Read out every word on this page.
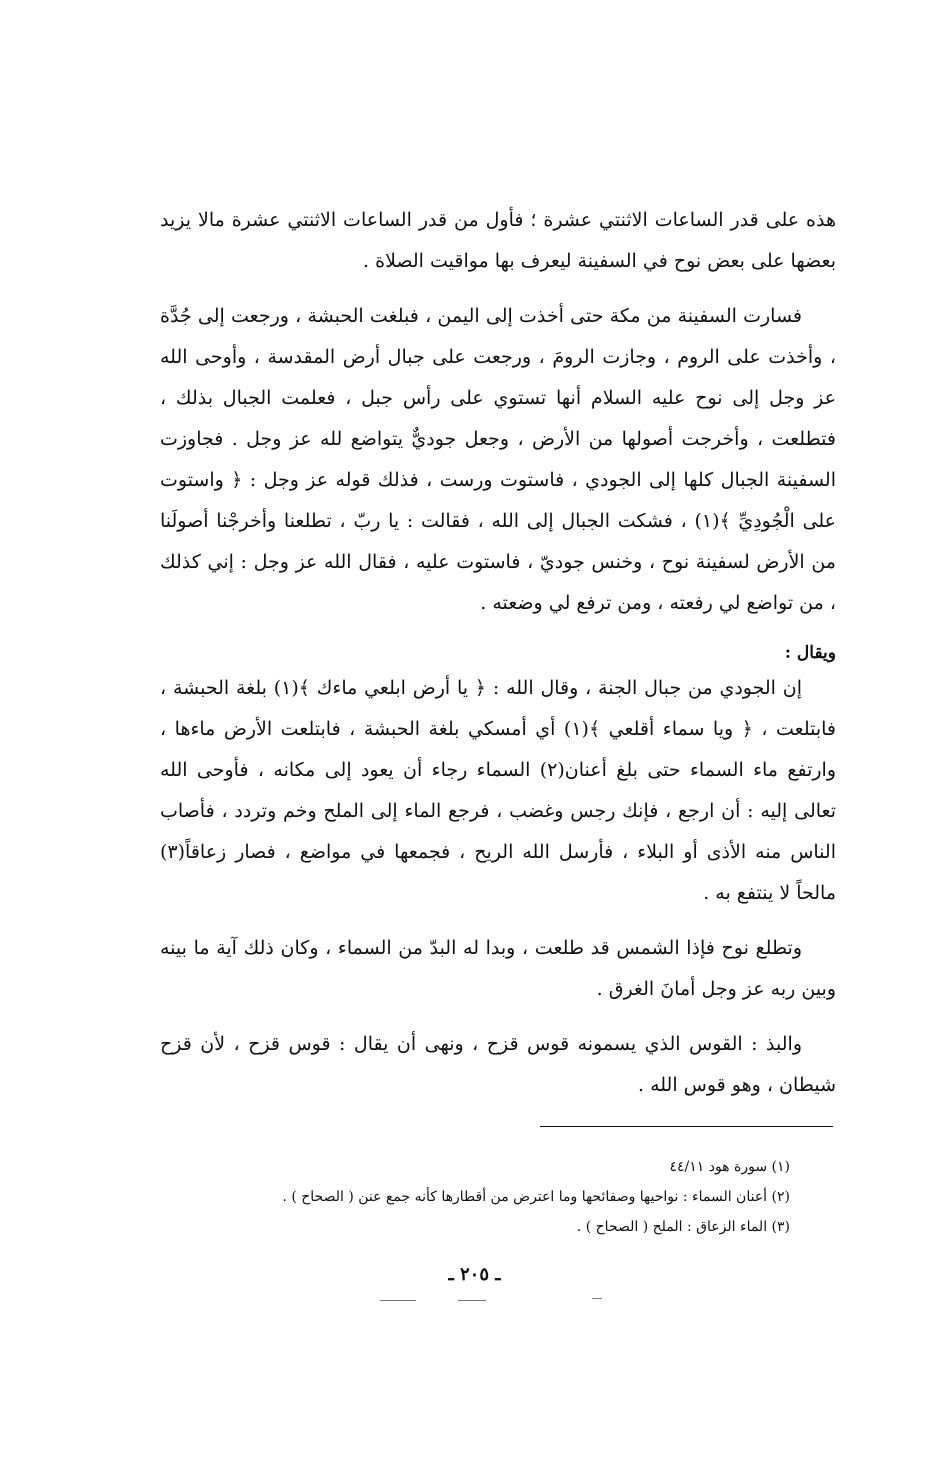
هذه على قدر الساعات الاثنتي عشرة ؛ فأول من قدر الساعات الاثنتي عشرة مالا يزيد بعضها على بعض نوح في السفينة ليعرف بها مواقيت الصلاة .

فسارت السفينة من مكة حتى أخذت إلى اليمن ، فبلغت الحبشة ، ورجعت إلى جُدَّة ، وأخذت على الروم ، وجازت الرومَ ، ورجعت على جبال أرض المقدسة ، وأوحى الله عز وجل إلى نوح عليه السلام أنها تستوي على رأس جبل ، فعلمت الجبال بذلك ، فتطلعت ، وأخرجت أصولها من الأرض ، وجعل جوديٌّ يتواضع لله عز وجل . فجاوزت السفينة الجبال كلها إلى الجودي ، فاستوت ورست ، فذلك قوله عز وجل : ﴿ واستوت على الْجُودِيِّ ﴾(١) ، فشكت الجبال إلى الله ، فقالت : يا ربّ ، تطلعنا وأخرجْنا أصولَنا من الأرض لسفينة نوح ، وخنس جوديّ ، فاستوت عليه ، فقال الله عز وجل : إني كذلك ، من تواضع لي رفعته ، ومن ترفع لي وضعته .

ويقال :

إن الجودي من جبال الجنة ، وقال الله : ﴿ يا أرض ابلعي ماءك ﴾(١) بلغة الحبشة ، فابتلعت ، ﴿ ويا سماء أقلعي ﴾(١) أي أمسكي بلغة الحبشة ، فابتلعت الأرض ماءها ، وارتفع ماء السماء حتى بلغ أعنان(٢) السماء رجاء أن يعود إلى مكانه ، فأوحى الله تعالى إليه : أن ارجع ، فإنك رجس وغضب ، فرجع الماء إلى الملح وخم وتردد ، فأصاب الناس منه الأذى أو البلاء ، فأرسل الله الريح ، فجمعها في مواضع ، فصار زعاقاً(٣) مالحاً لا ينتفع به .

وتطلع نوح فإذا الشمس قد طلعت ، وبدا له البدّ من السماء ، وكان ذلك آية ما بينه وبين ربه عز وجل أمانَ الغرق .

والبذ : القوس الذي يسمونه قوس قزح ، ونهى أن يقال : قوس قزح ، لأن قزح شيطان ، وهو قوس الله .

(١) سورة هود ٤٤/١١

(٢) أعنان السماء : نواحيها وصفائحها وما اعترض من أقطارها كأنه جمع عنن ( الصحاح ) .

(٣) الماء الزعاق : الملح ( الصحاح ) .

ـ ٢٠٥ ـ
